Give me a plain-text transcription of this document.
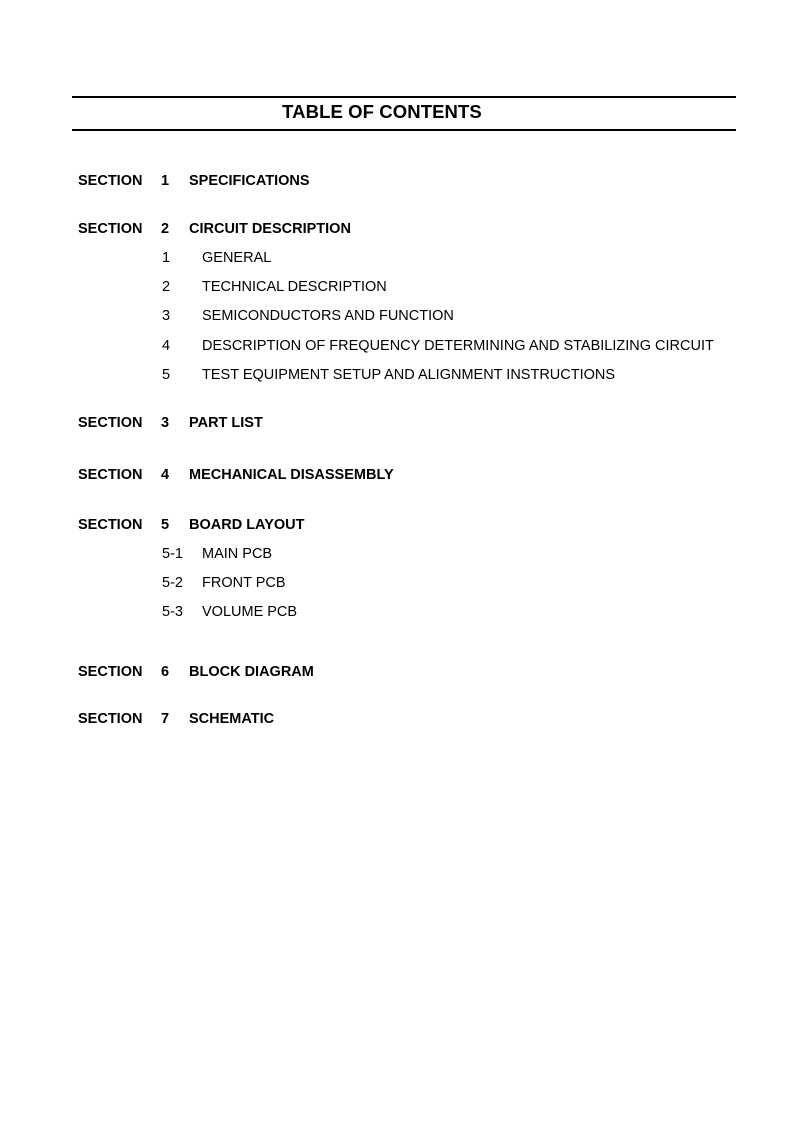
TABLE OF CONTENTS
SECTION 1 SPECIFICATIONS
SECTION 2 CIRCUIT DESCRIPTION
1 GENERAL
2 TECHNICAL DESCRIPTION
3 SEMICONDUCTORS AND FUNCTION
4 DESCRIPTION OF FREQUENCY DETERMINING AND STABILIZING CIRCUIT
5 TEST EQUIPMENT SETUP AND ALIGNMENT INSTRUCTIONS
SECTION 3 PART LIST
SECTION 4 MECHANICAL DISASSEMBLY
SECTION 5 BOARD LAYOUT
5-1 MAIN PCB
5-2 FRONT PCB
5-3 VOLUME PCB
SECTION 6 BLOCK DIAGRAM
SECTION 7 SCHEMATIC
